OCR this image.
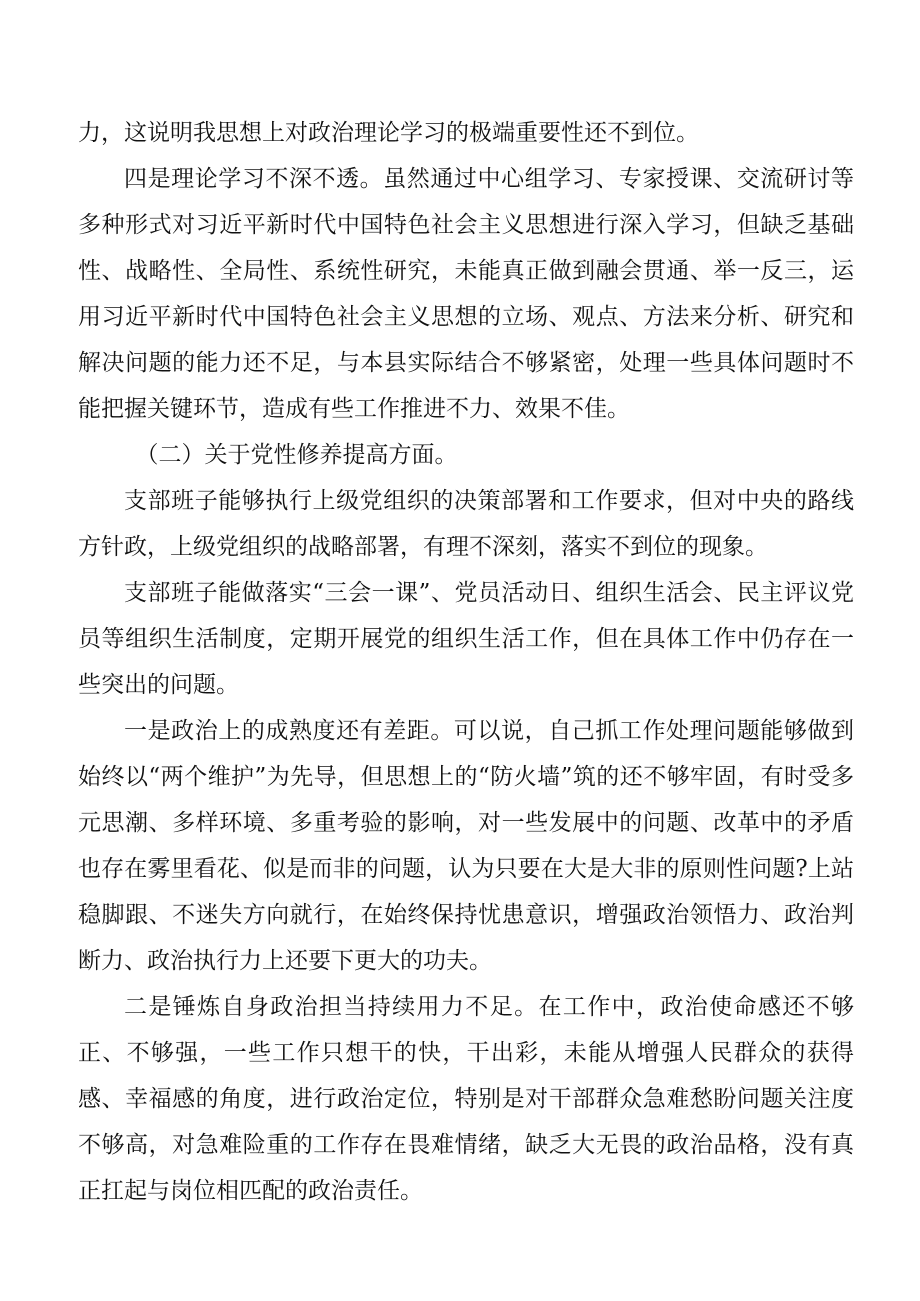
力，这说明我思想上对政治理论学习的极端重要性还不到位。

四是理论学习不深不透。虽然通过中心组学习、专家授课、交流研讨等多种形式对习近平新时代中国特色社会主义思想进行深入学习，但缺乏基础性、战略性、全局性、系统性研究，未能真正做到融会贯通、举一反三，运用习近平新时代中国特色社会主义思想的立场、观点、方法来分析、研究和解决问题的能力还不足，与本县实际结合不够紧密，处理一些具体问题时不能把握关键环节，造成有些工作推进不力、效果不佳。

（二）关于党性修养提高方面。

支部班子能够执行上级党组织的决策部署和工作要求，但对中央的路线方针政，上级党组织的战略部署，有理不深刻，落实不到位的现象。

支部班子能做落实“三会一课”、党员活动日、组织生活会、民主评议党员等组织生活制度，定期开展党的组织生活工作，但在具体工作中仍存在一些突出的问题。

一是政治上的成熟度还有差距。可以说，自己抓工作处理问题能够做到始终以“两个维护”为先导，但思想上的“防火墙”筑的还不够牢固，有时受多元思潮、多样环境、多重考验的影响，对一些发展中的问题、改革中的矛盾也存在雾里看花、似是而非的问题，认为只要在大是大非的原则性问题?上站稳脚跟、不迷失方向就行，在始终保持忧患意识，增强政治领悟力、政治判断力、政治执行力上还要下更大的功夫。

二是锤炼自身政治担当持续用力不足。在工作中，政治使命感还不够正、不够强，一些工作只想干的快，干出彩，未能从增强人民群众的获得感、幸福感的角度，进行政治定位，特别是对干部群众急难愁盼问题关注度不够高，对急难险重的工作存在畏难情绪，缺乏大无畏的政治品格，没有真正扛起与岗位相匹配的政治责任。
